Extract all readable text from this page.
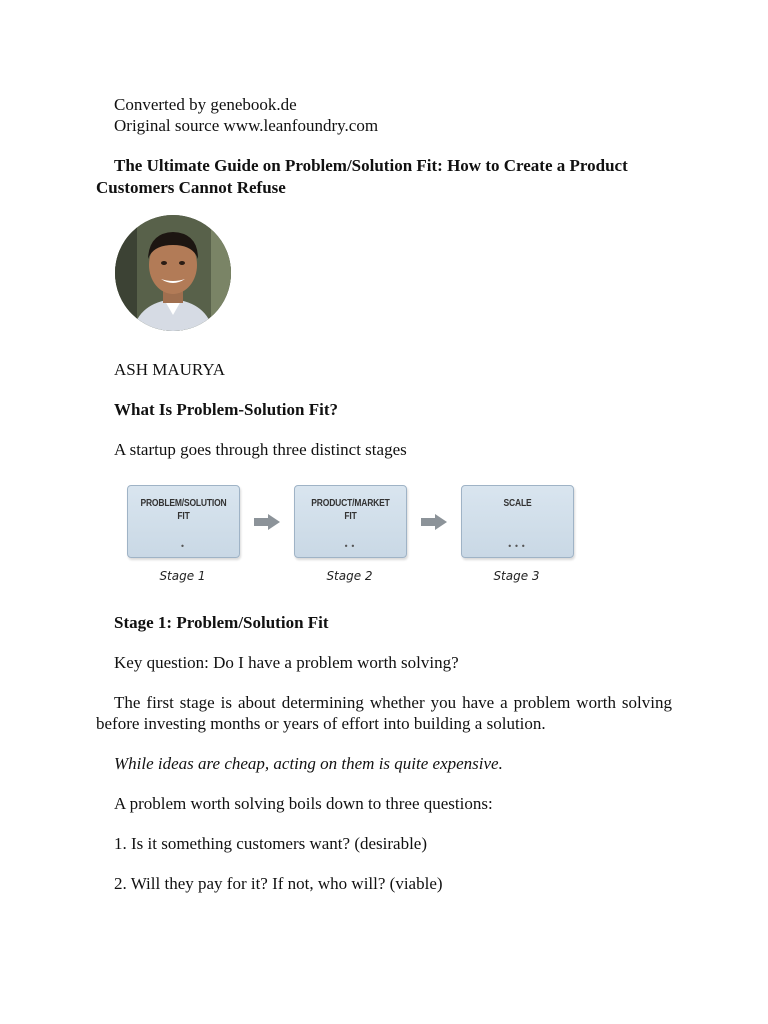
Converted by genebook.de
Original source www.leanfoundry.com
The Ultimate Guide on Problem/Solution Fit: How to Create a Product
Customers Cannot Refuse
ASH MAURYA
What Is Problem-Solution Fit?
A startup goes through three distinct stages
PROBLEM/SOLUTION
FIT
•
PRODUCT/MARKET
FIT
••
SCALE
•••
Stage 1	Stage 2	Stage 3
Stage 1: Problem/Solution Fit
Key question: Do I have a problem worth solving?
The first stage is about determining whether you have a problem worth solving before investing months or years of effort into building a solution.
While ideas are cheap, acting on them is quite expensive.
A problem worth solving boils down to three questions:
1. Is it something customers want? (desirable)
2. Will they pay for it? If not, who will? (viable)
